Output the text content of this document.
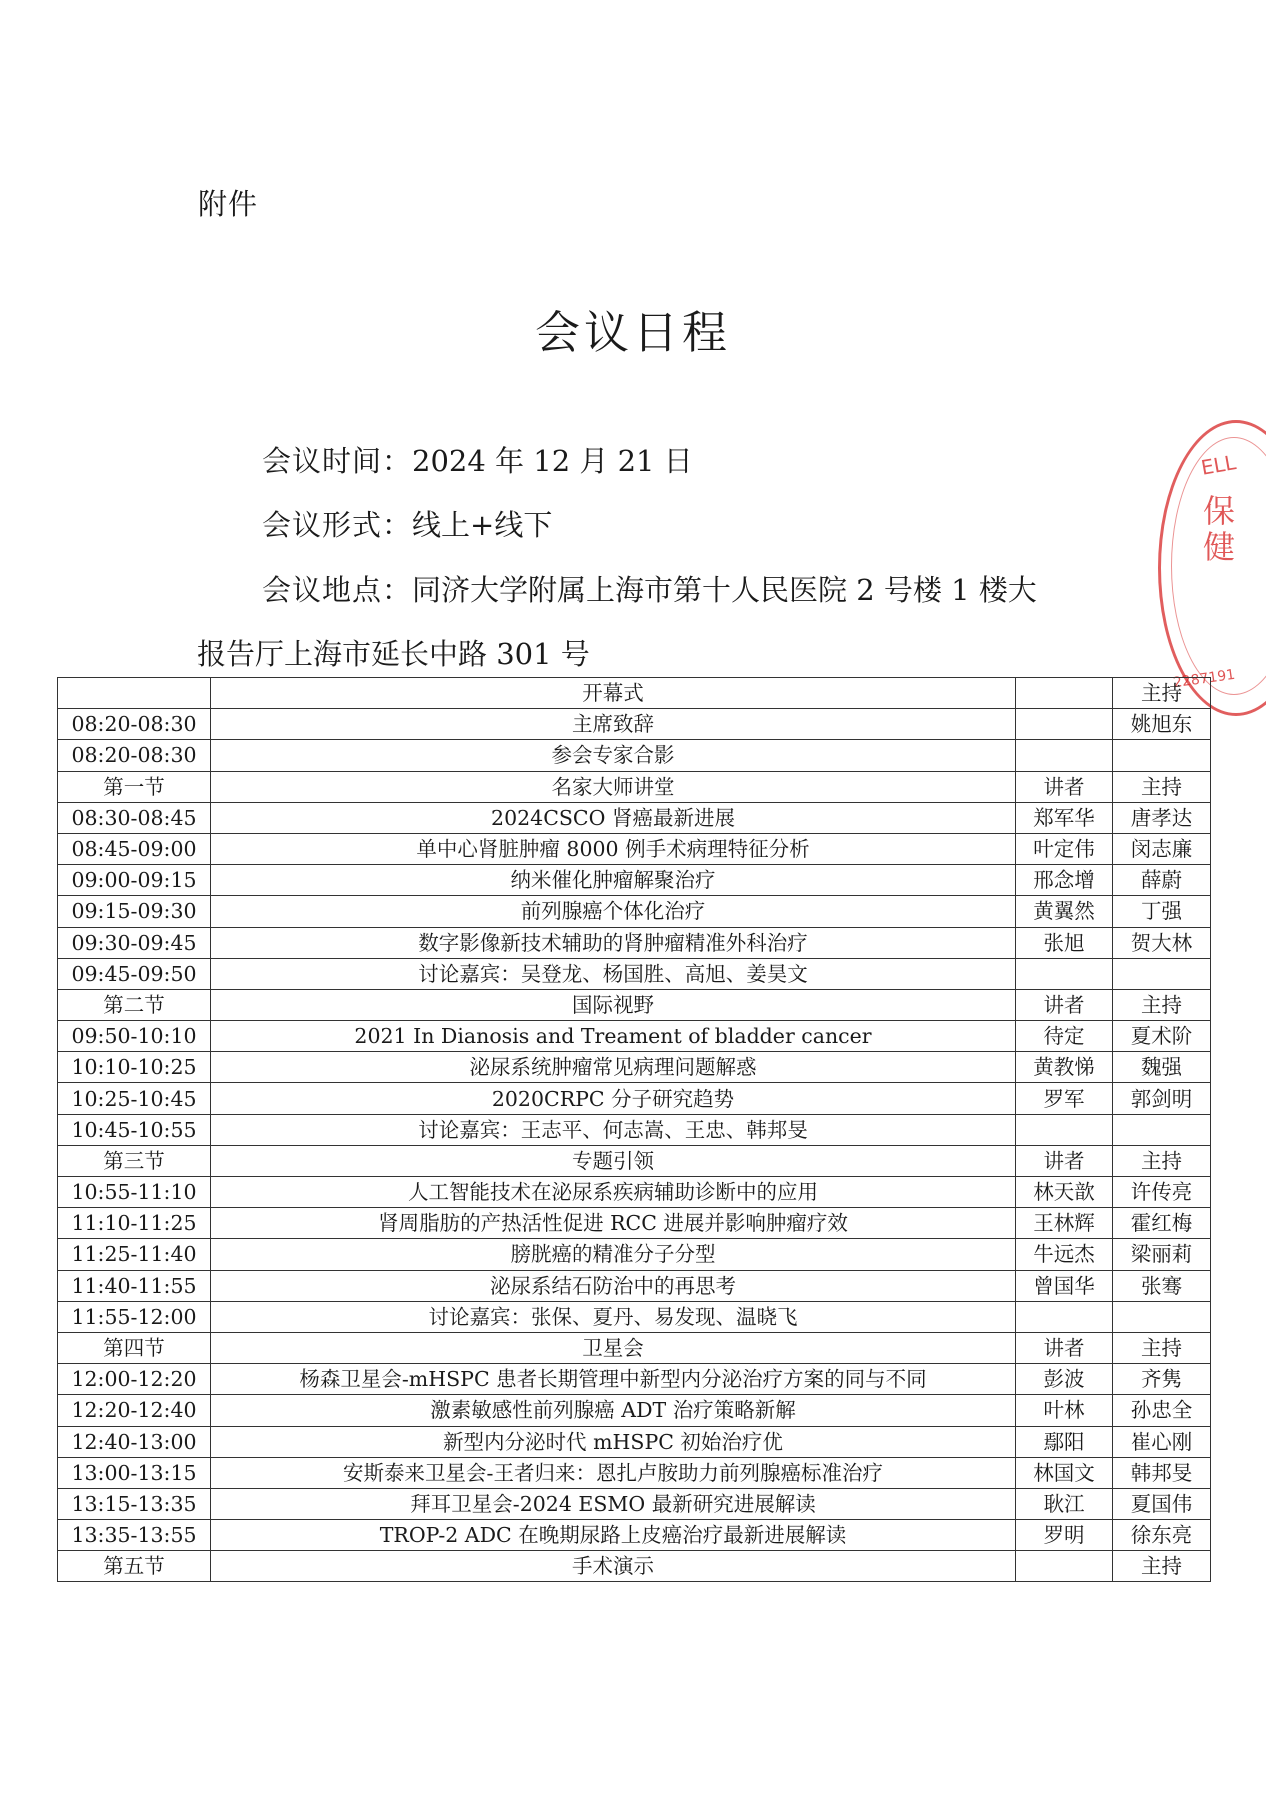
附件
会议日程
会议时间：2024 年 12 月 21 日
会议形式：线上+线下
会议地点：同济大学附属上海市第十人民医院 2 号楼 1 楼大
报告厅上海市延长中路 301 号
ELL
保
健
2287191
	开幕式		主持
08:20-08:30	主席致辞		姚旭东
08:20-08:30	参会专家合影		
第一节	名家大师讲堂	讲者	主持
08:30-08:45	2024CSCO 肾癌最新进展	郑军华	唐孝达
08:45-09:00	单中心肾脏肿瘤 8000 例手术病理特征分析	叶定伟	闵志廉
09:00-09:15	纳米催化肿瘤解聚治疗	邢念增	薛蔚
09:15-09:30	前列腺癌个体化治疗	黄翼然	丁强
09:30-09:45	数字影像新技术辅助的肾肿瘤精准外科治疗	张旭	贺大林
09:45-09:50	讨论嘉宾：吴登龙、杨国胜、高旭、姜昊文		
第二节	国际视野	讲者	主持
09:50-10:10	2021 In Dianosis and Treament of bladder cancer	待定	夏术阶
10:10-10:25	泌尿系统肿瘤常见病理问题解惑	黄教悌	魏强
10:25-10:45	2020CRPC 分子研究趋势	罗军	郭剑明
10:45-10:55	讨论嘉宾：王志平、何志嵩、王忠、韩邦旻		
第三节	专题引领	讲者	主持
10:55-11:10	人工智能技术在泌尿系疾病辅助诊断中的应用	林天歆	许传亮
11:10-11:25	肾周脂肪的产热活性促进 RCC 进展并影响肿瘤疗效	王林辉	霍红梅
11:25-11:40	膀胱癌的精准分子分型	牛远杰	梁丽莉
11:40-11:55	泌尿系结石防治中的再思考	曾国华	张骞
11:55-12:00	讨论嘉宾：张保、夏丹、易发现、温晓飞		
第四节	卫星会	讲者	主持
12:00-12:20	杨森卫星会-mHSPC 患者长期管理中新型内分泌治疗方案的同与不同	彭波	齐隽
12:20-12:40	激素敏感性前列腺癌 ADT 治疗策略新解	叶林	孙忠全
12:40-13:00	新型内分泌时代 mHSPC 初始治疗优	鄢阳	崔心刚
13:00-13:15	安斯泰来卫星会-王者归来：恩扎卢胺助力前列腺癌标准治疗	林国文	韩邦旻
13:15-13:35	拜耳卫星会-2024 ESMO 最新研究进展解读	耿江	夏国伟
13:35-13:55	TROP-2 ADC 在晚期尿路上皮癌治疗最新进展解读	罗明	徐东亮
第五节	手术演示		主持
